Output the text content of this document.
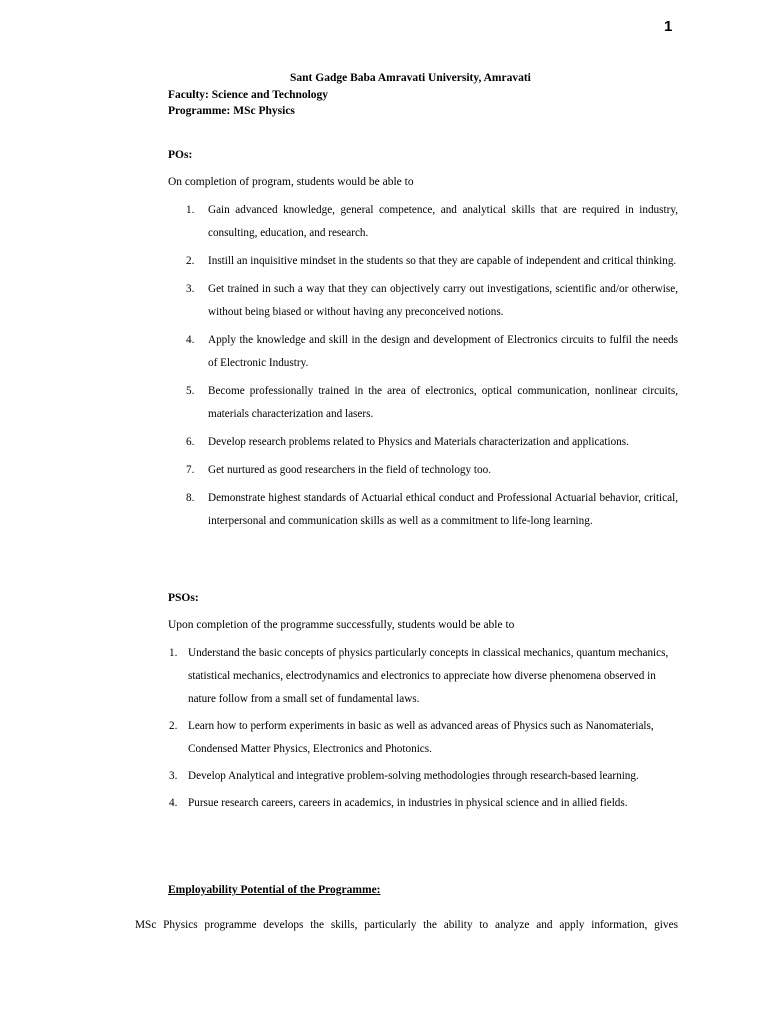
1
Sant Gadge Baba Amravati University, Amravati
Faculty: Science and Technology
Programme: MSc Physics
POs:
On completion of program, students would be able to
1. Gain advanced knowledge, general competence, and analytical skills that are required in industry, consulting, education, and research.
2. Instill an inquisitive mindset in the students so that they are capable of independent and critical thinking.
3. Get trained in such a way that they can objectively carry out investigations, scientific and/or otherwise, without being biased or without having any preconceived notions.
4. Apply the knowledge and skill in the design and development of Electronics circuits to fulfil the needs of Electronic Industry.
5. Become professionally trained in the area of electronics, optical communication, nonlinear circuits, materials characterization and lasers.
6. Develop research problems related to Physics and Materials characterization and applications.
7. Get nurtured as good researchers in the field of technology too.
8. Demonstrate highest standards of Actuarial ethical conduct and Professional Actuarial behavior, critical, interpersonal and communication skills as well as a commitment to life-long learning.
PSOs:
Upon completion of the programme successfully, students would be able to
1. Understand the basic concepts of physics particularly concepts in classical mechanics, quantum mechanics, statistical mechanics, electrodynamics and electronics to appreciate how diverse phenomena observed in nature follow from a small set of fundamental laws.
2. Learn how to perform experiments in basic as well as advanced areas of Physics such as Nanomaterials, Condensed Matter Physics, Electronics and Photonics.
3. Develop Analytical and integrative problem-solving methodologies through research-based learning.
4. Pursue research careers, careers in academics, in industries in physical science and in allied fields.
Employability Potential of the Programme:
MSc Physics programme develops the skills, particularly the ability to analyze and apply information, gives
